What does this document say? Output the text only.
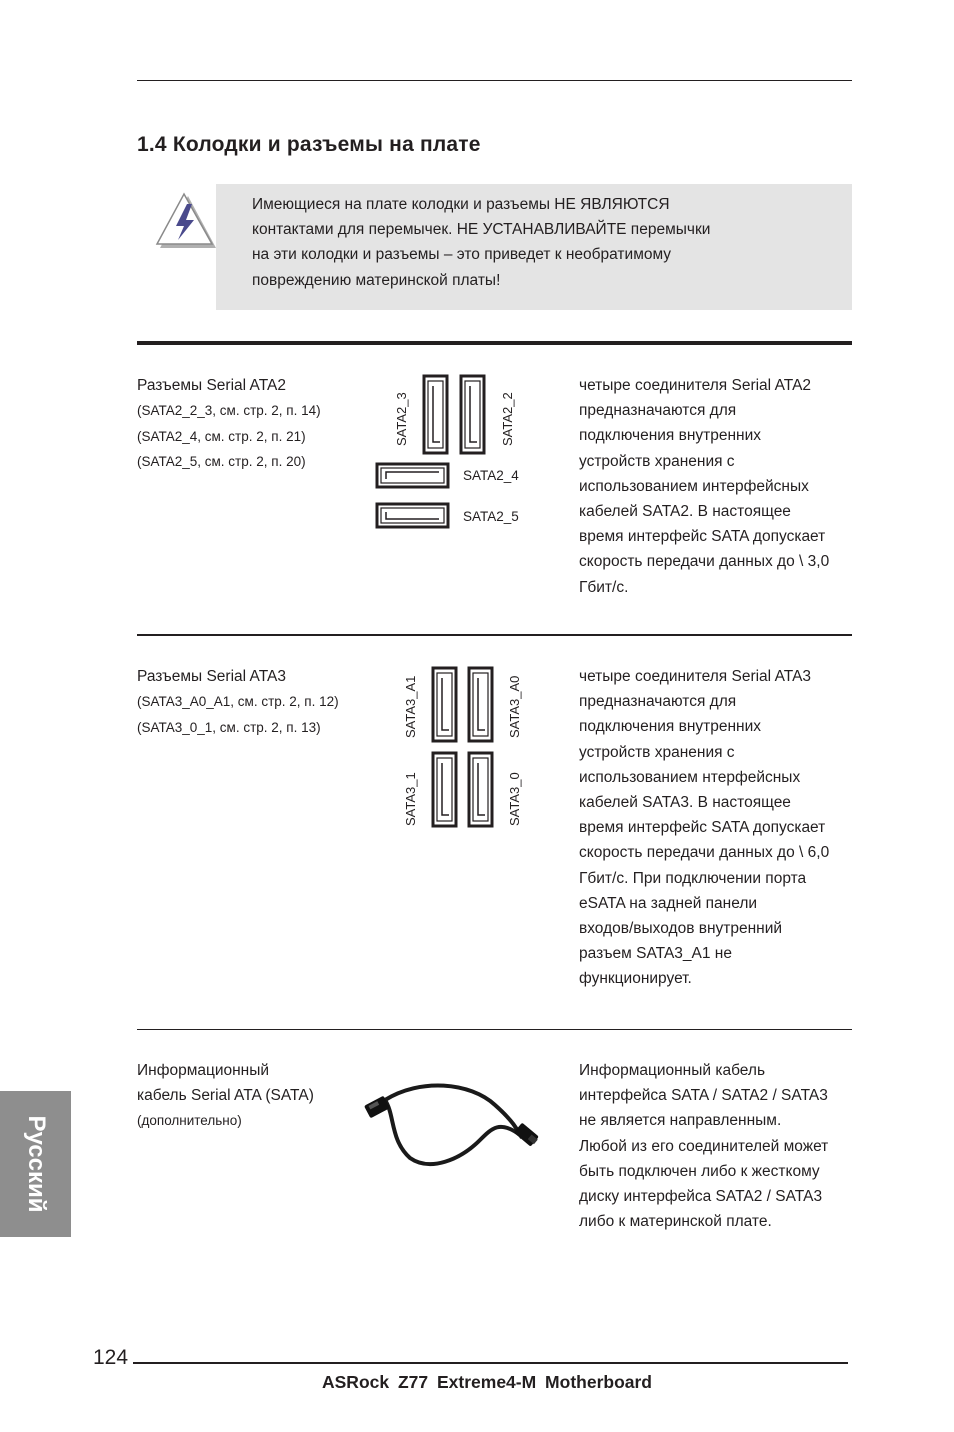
1.4 Колодки и разъемы на плате
Имеющиеся на плате колодки и разъемы НЕ ЯВЛЯЮТСЯ
контактами для перемычек. НЕ УСТАНАВЛИВАЙТЕ перемычки
на эти колодки и разъемы – это приведет к необратимому
повреждению материнской платы!
Разъемы Serial ATA2
(SATA2_2_3, см. стр. 2, п. 14)
(SATA2_4, см. стр. 2, п. 21)
(SATA2_5, см. стр. 2, п. 20)
SATA2_3	SATA2_2
SATA2_4
SATA2_5
четыре соединителя Serial ATA2
предназначаются для
подключения внутренних
устройств хранения с
использованием интерфейсных
кабелей SATA2. В настоящее
время интерфейс SATA допускает
скорость передачи данных до \ 3,0
Гбит/с.
Разъемы Serial ATA3
(SATA3_A0_A1, см. стр. 2, п. 12)
(SATA3_0_1, см. стр. 2, п. 13)	SATA3_A1	SATA3_A0
SATA3_1	SATA3_0
четыре соединителя Serial ATA3
предназначаются для
подключения внутренних
устройств хранения с
использованием нтерфейсных
кабелей SATA3. В настоящее
время интерфейс SATA допускает
скорость передачи данных до \ 6,0
Гбит/с. При подключении порта
eSATA на задней панели
входов/выходов внутренний
разъем SATA3_A1 не
функционирует.
Информационный
кабель Serial ATA (SATA)
(дополнительно)
Информационный кабель
интерфейса SATA / SATA2 / SATA3
не является направленным.
Любой из его соединителей может
быть подключен либо к жесткому
диску интерфейса SATA2 / SATA3
либо к материнской плате.
Русский
124
ASRock Z77 Extreme4-M Motherboard
